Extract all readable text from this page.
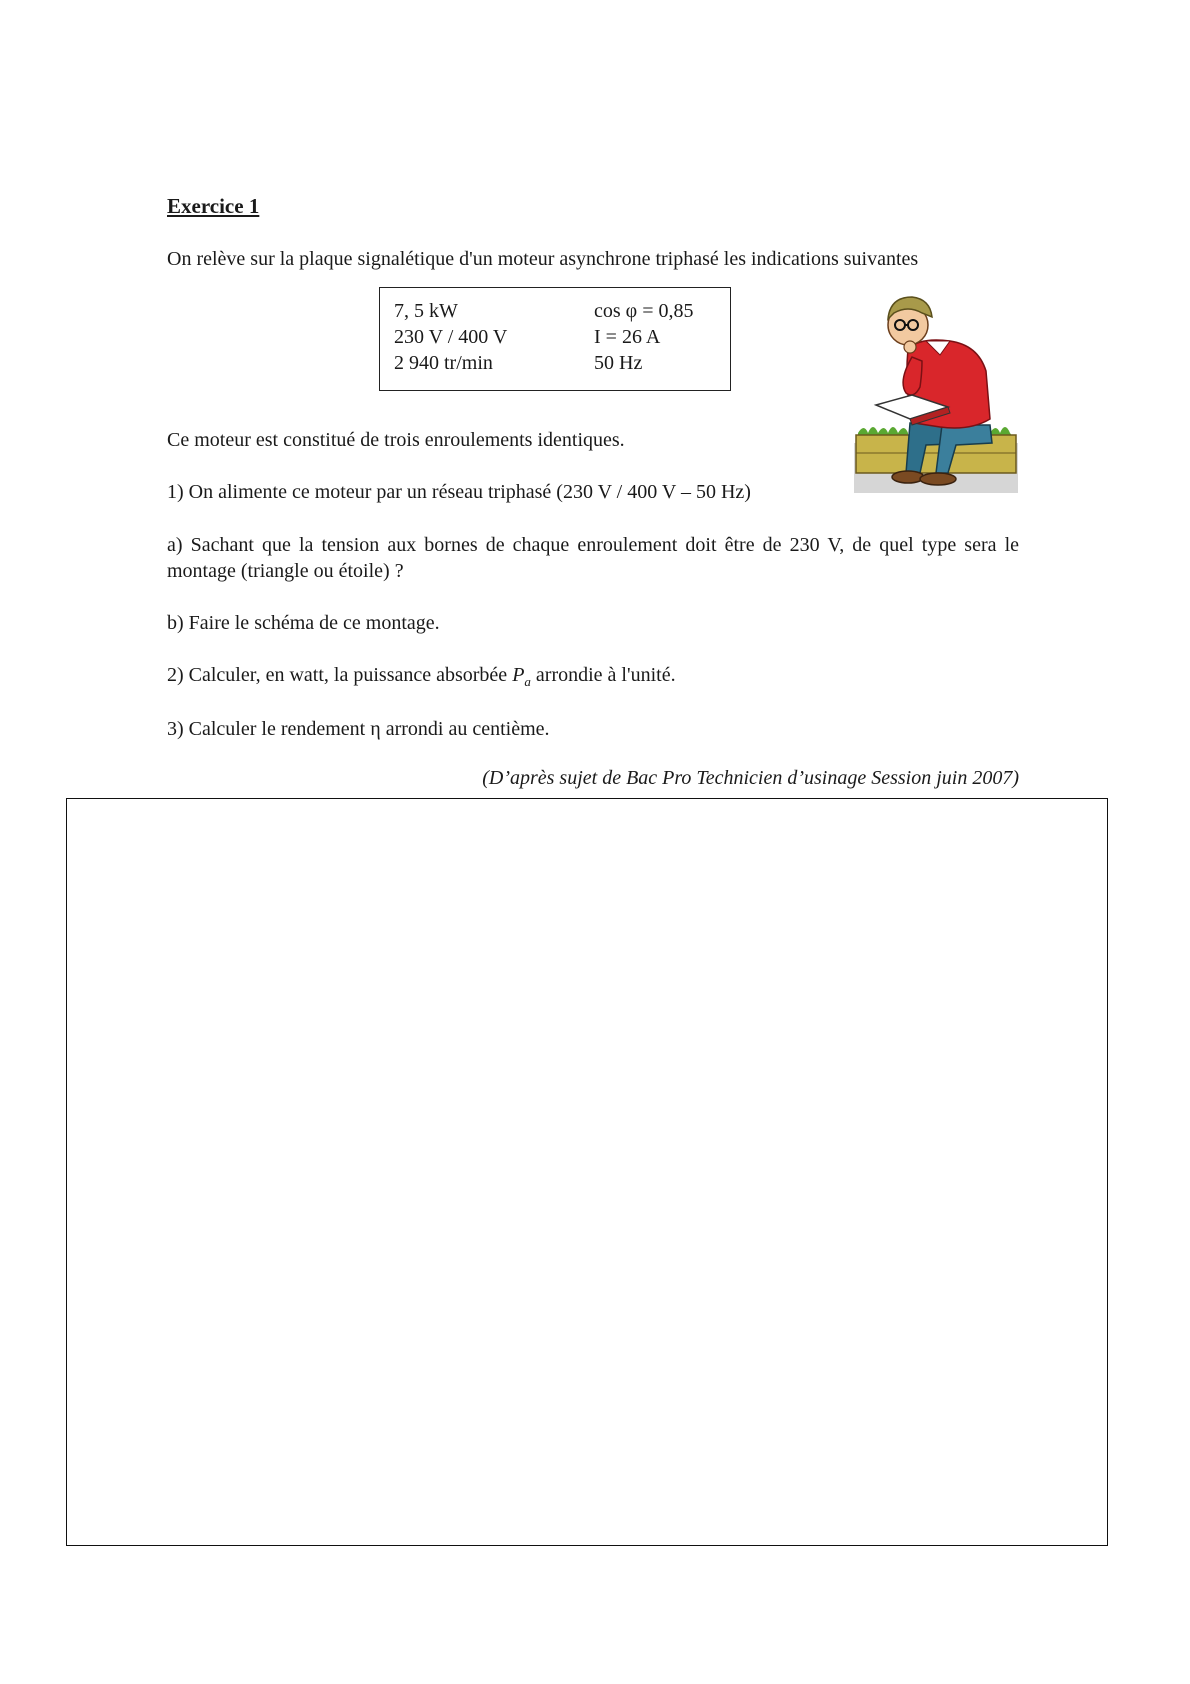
Exercice 1
On relève sur la plaque signalétique d'un moteur asynchrone triphasé les indications suivantes
7, 5 kW
230 V / 400 V
2 940 tr/min
cos φ = 0,85
I = 26 A
50 Hz
Ce moteur est constitué de trois enroulements identiques.
1) On alimente ce moteur par un réseau triphasé (230 V / 400 V – 50 Hz)
a) Sachant que la tension aux bornes de chaque enroulement doit être de 230 V, de quel type sera le montage (triangle ou étoile) ?
b) Faire le schéma de ce montage.
2) Calculer, en watt, la puissance absorbée $P_a$ arrondie à l'unité.
3) Calculer le rendement η arrondi au centième.
(D’après sujet de Bac Pro Technicien d’usinage Session juin 2007)
